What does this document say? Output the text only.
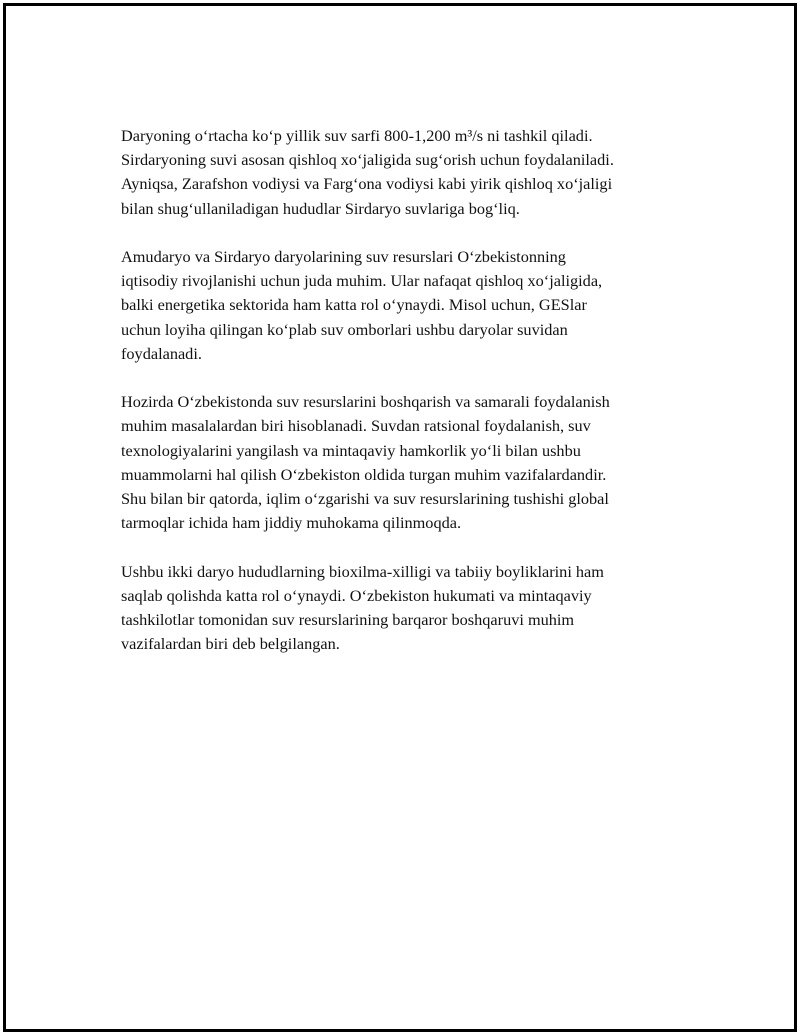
Daryoning oʻrtacha koʻp yillik suv sarfi 800-1,200 m³/s ni tashkil qiladi.
Sirdaryoning suvi asosan qishloq xoʻjaligida sugʻorish uchun foydalaniladi.
Ayniqsa, Zarafshon vodiysi va Fargʻona vodiysi kabi yirik qishloq xoʻjaligi
bilan shugʻullaniladigan hududlar Sirdaryo suvlariga bogʻliq.

Amudaryo va Sirdaryo daryolarining suv resurslari Oʻzbekistonning
iqtisodiy rivojlanishi uchun juda muhim. Ular nafaqat qishloq xoʻjaligida,
balki energetika sektorida ham katta rol oʻynaydi. Misol uchun, GESlar
uchun loyiha qilingan koʻplab suv omborlari ushbu daryolar suvidan
foydalanadi.

Hozirda Oʻzbekistonda suv resurslarini boshqarish va samarali foydalanish
muhim masalalardan biri hisoblanadi. Suvdan ratsional foydalanish, suv
texnologiyalarini yangilash va mintaqaviy hamkorlik yoʻli bilan ushbu
muammolarni hal qilish Oʻzbekiston oldida turgan muhim vazifalardandir.
Shu bilan bir qatorda, iqlim oʻzgarishi va suv resurslarining tushishi global
tarmoqlar ichida ham jiddiy muhokama qilinmoqda.

Ushbu ikki daryo hududlarning bioxilma-xilligi va tabiiy boyliklarini ham
saqlab qolishda katta rol oʻynaydi. Oʻzbekiston hukumati va mintaqaviy
tashkilotlar tomonidan suv resurslarining barqaror boshqaruvi muhim
vazifalardan biri deb belgilangan.
